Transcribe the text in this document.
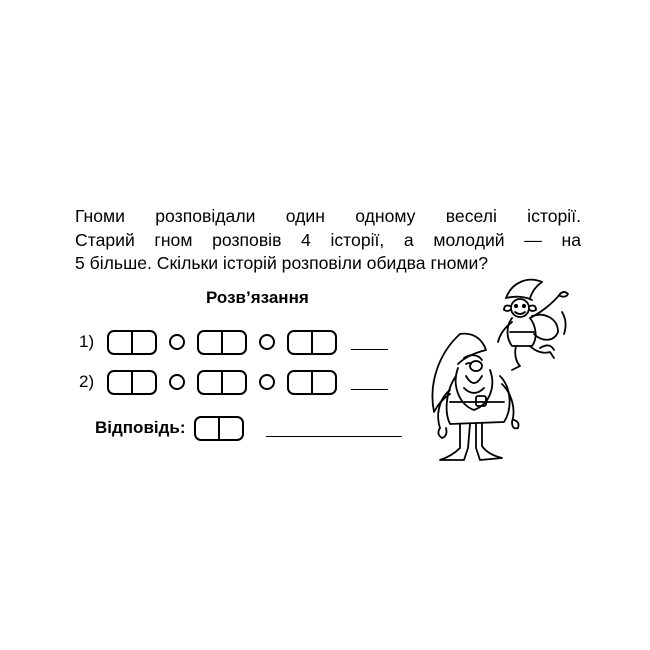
Гноми розповідали один одному веселі історії.
Старий гном розповів 4 історії, а молодий — на
5 більше. Скільки історій розповіли обидва гноми?

Розв’язання
1)
2)
Відповідь:
